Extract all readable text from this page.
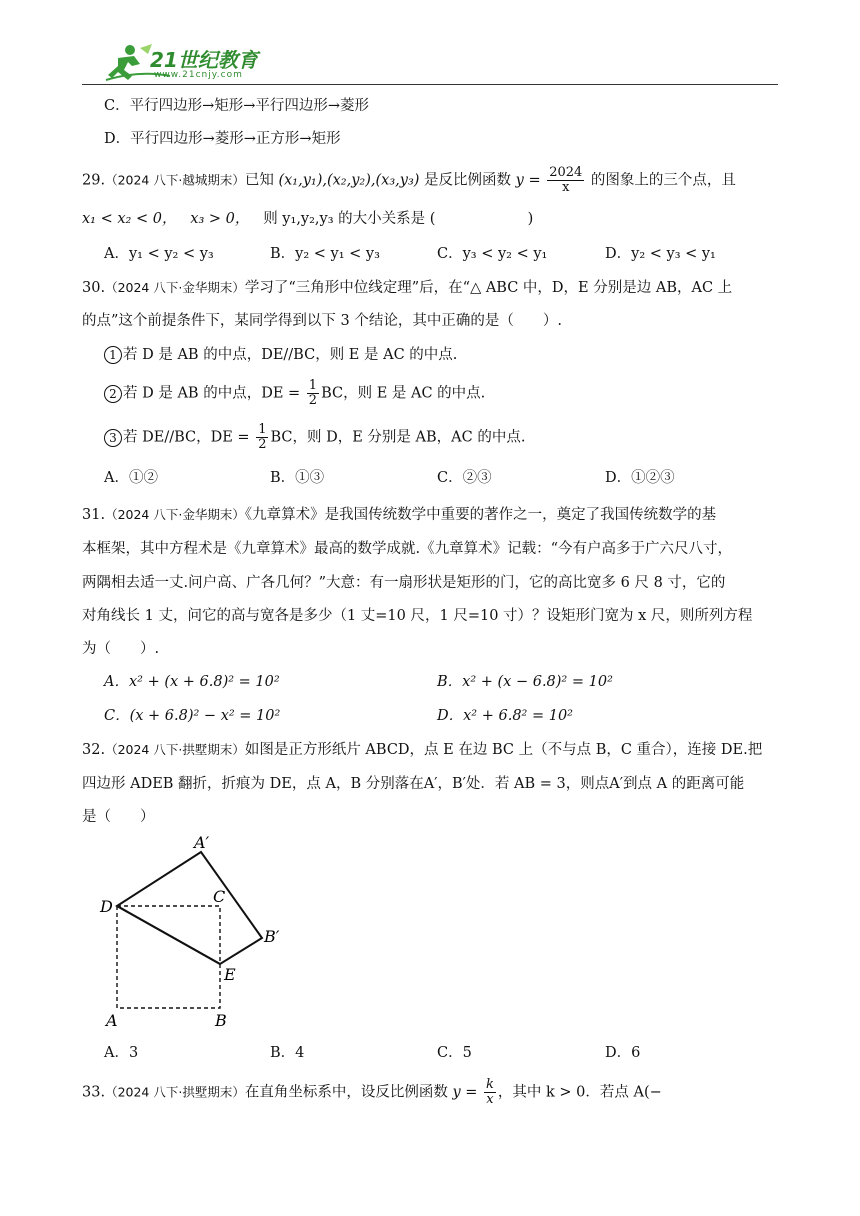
21世纪教育
www.21cnjy.com
C．平行四边形→矩形→平行四边形→菱形
D．平行四边形→菱形→正方形→矩形
29.（2024 八下·越城期末）已知 (x₁,y₁),(x₂,y₂),(x₃,y₃) 是反比例函数 $y = \frac{2024}{x}$ 的图象上的三个点，且
x₁ < x₂ < 0， x₃ > 0， 则 y₁,y₂,y₃ 的大小关系是 (                    )
A．y₁ < y₂ < y₃	B．y₂ < y₁ < y₃	C．y₃ < y₂ < y₁	D．y₂ < y₃ < y₁
30.（2024 八下·金华期末）学习了“三角形中位线定理”后，在“△ ABC 中，D，E 分别是边 AB，AC 上
的点”这个前提条件下，某同学得到以下 3 个结论，其中正确的是（　　）.
1 若 D 是 AB 的中点，DE//BC，则 E 是 AC 的中点.
2 若 D 是 AB 的中点，DE = $\frac{1}{2}$ BC，则 E 是 AC 的中点.
3 若 DE//BC，DE = $\frac{1}{2}$ BC，则 D，E 分别是 AB，AC 的中点.
A．①②	B．①③	C．②③	D．①②③
31.（2024 八下·金华期末）《九章算术》是我国传统数学中重要的著作之一，奠定了我国传统数学的基
本框架，其中方程术是《九章算术》最高的数学成就.《九章算术》记载：“今有户高多于广六尺八寸，
两隅相去适一丈.问户高、广各几何？”大意：有一扇形状是矩形的门，它的高比宽多 6 尺 8 寸，它的
对角线长 1 丈，问它的高与宽各是多少（1 丈=10 尺，1 尺=10 寸）？设矩形门宽为 x 尺，则所列方程
为（　　）.
A．x² + (x + 6.8)² = 10²	B．x² + (x − 6.8)² = 10²
C．(x + 6.8)² − x² = 10²	D．x² + 6.8² = 10²
32.（2024 八下·拱墅期末）如图是正方形纸片 ABCD，点 E 在边 BC 上（不与点 B，C 重合），连接 DE.把
四边形 ADEB 翻折，折痕为 DE，点 A，B 分别落在A′，B′处．若 AB = 3，则点A′到点 A 的距离可能
是（　　）
A′
B′
C
D
E
A	B
A．3	B．4	C．5	D．6
33.（2024 八下·拱墅期末）在直角坐标系中，设反比例函数 $y = \frac{k}{x}$ ，其中 k > 0．若点 A(−
